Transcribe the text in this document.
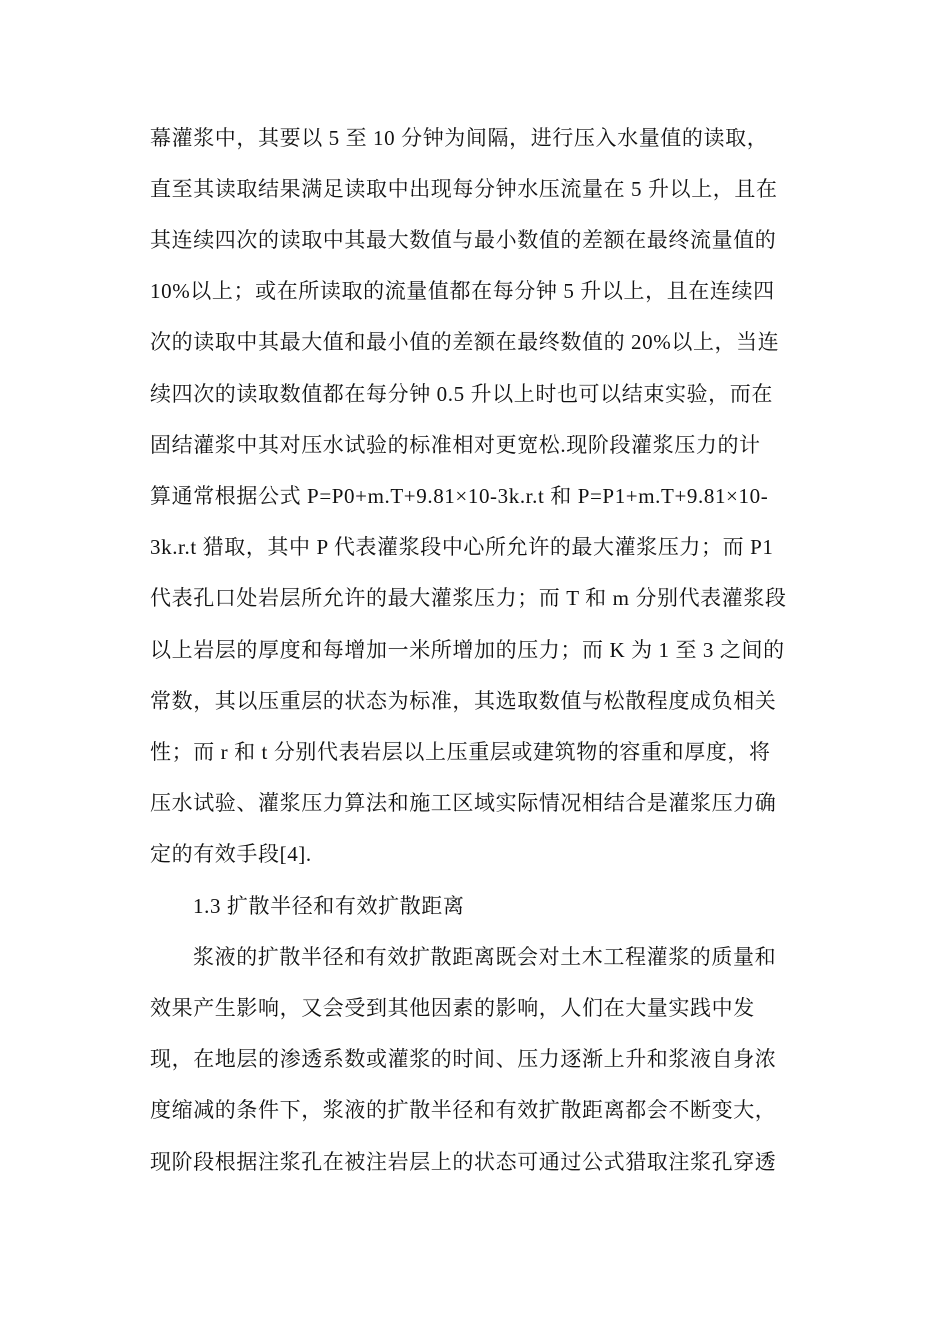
幕灌浆中，其要以 5 至 10 分钟为间隔，进行压入水量值的读取，
直至其读取结果满足读取中出现每分钟水压流量在 5 升以上，且在
其连续四次的读取中其最大数值与最小数值的差额在最终流量值的
10%以上；或在所读取的流量值都在每分钟 5 升以上，且在连续四
次的读取中其最大值和最小值的差额在最终数值的 20%以上，当连
续四次的读取数值都在每分钟 0.5 升以上时也可以结束实验，而在
固结灌浆中其对压水试验的标准相对更宽松.现阶段灌浆压力的计
算通常根据公式 P=P0+m.T+9.81×10-3k.r.t 和 P=P1+m.T+9.81×10-
3k.r.t 猎取，其中 P 代表灌浆段中心所允许的最大灌浆压力；而 P1
代表孔口处岩层所允许的最大灌浆压力；而 T 和 m 分别代表灌浆段
以上岩层的厚度和每增加一米所增加的压力；而 K 为 1 至 3 之间的
常数，其以压重层的状态为标准，其选取数值与松散程度成负相关
性；而 r 和 t 分别代表岩层以上压重层或建筑物的容重和厚度，将
压水试验、灌浆压力算法和施工区域实际情况相结合是灌浆压力确
定的有效手段[4].
1.3 扩散半径和有效扩散距离
浆液的扩散半径和有效扩散距离既会对土木工程灌浆的质量和
效果产生影响，又会受到其他因素的影响，人们在大量实践中发
现，在地层的渗透系数或灌浆的时间、压力逐渐上升和浆液自身浓
度缩减的条件下，浆液的扩散半径和有效扩散距离都会不断变大，
现阶段根据注浆孔在被注岩层上的状态可通过公式猎取注浆孔穿透
